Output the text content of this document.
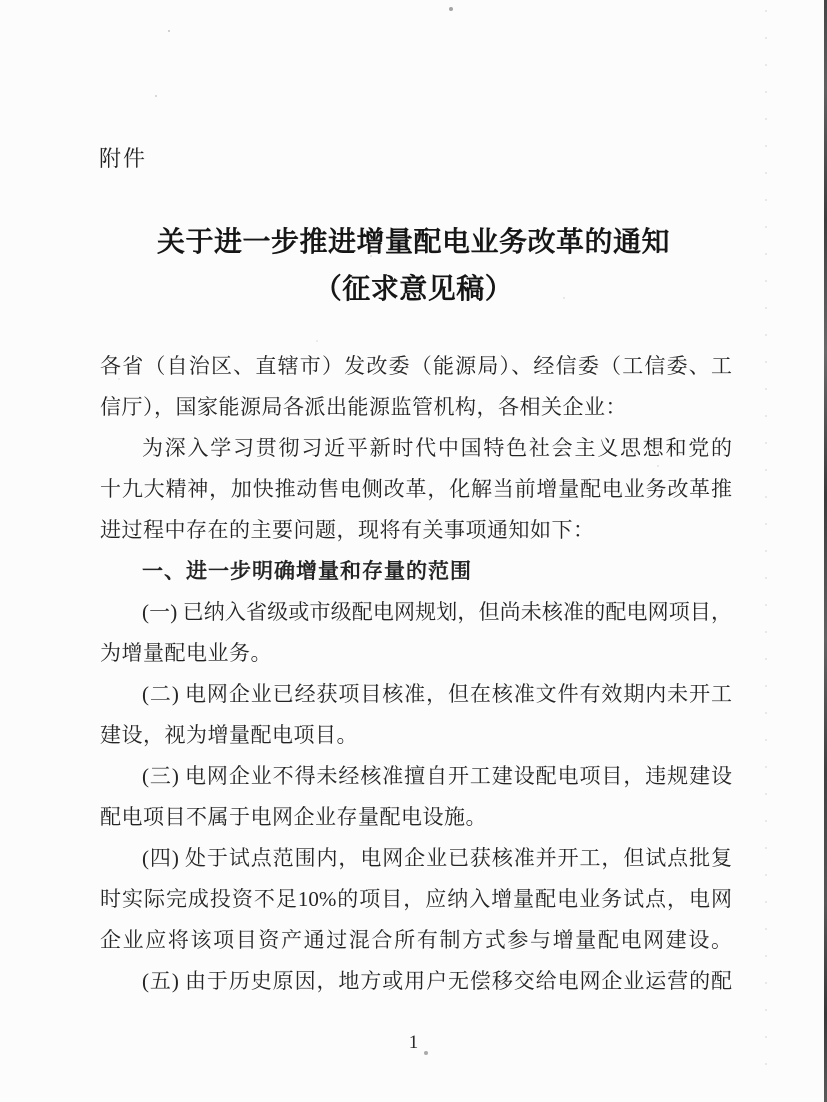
附件
关于进一步推进增量配电业务改革的通知
（征求意见稿）
各省（自治区、直辖市）发改委（能源局）、经信委（工信委、工
信厅），国家能源局各派出能源监管机构，各相关企业：
为深入学习贯彻习近平新时代中国特色社会主义思想和党的
十九大精神，加快推动售电侧改革，化解当前增量配电业务改革推
进过程中存在的主要问题，现将有关事项通知如下：
一、进一步明确增量和存量的范围
(一) 已纳入省级或市级配电网规划，但尚未核准的配电网项目，
为增量配电业务。
(二) 电网企业已经获项目核准，但在核准文件有效期内未开工
建设，视为增量配电项目。
(三) 电网企业不得未经核准擅自开工建设配电项目，违规建设
配电项目不属于电网企业存量配电设施。
(四) 处于试点范围内，电网企业已获核准并开工，但试点批复
时实际完成投资不足10%的项目，应纳入增量配电业务试点，电网
企业应将该项目资产通过混合所有制方式参与增量配电网建设。
(五) 由于历史原因，地方或用户无偿移交给电网企业运营的配
1
